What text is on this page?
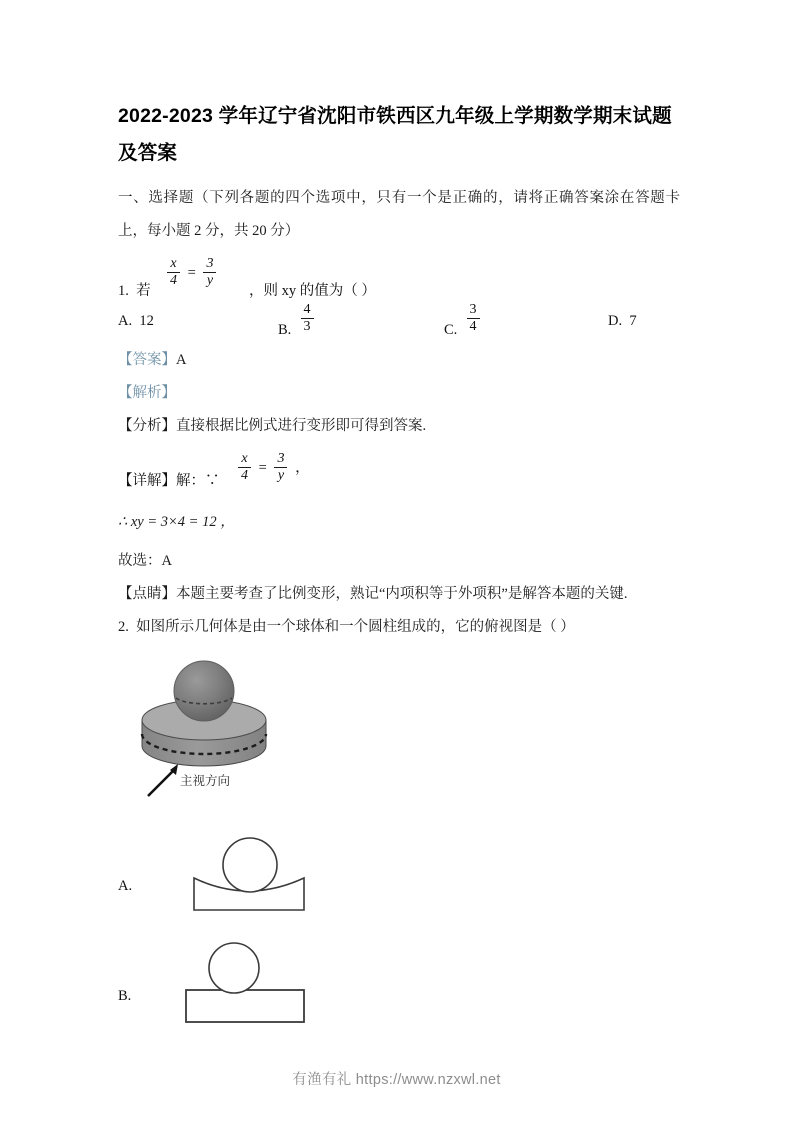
2022-2023 学年辽宁省沈阳市铁西区九年级上学期数学期末试题及答案

一、选择题（下列各题的四个选项中，只有一个是正确的，请将正确答案涂在答题卡上，每小题 2 分，共 20 分）

1. 若
$\frac{x}{4} = \frac{3}{y}$
，则 xy 的值为（ ）
A. 12
B. $\frac{4}{3}$	C. $\frac{3}{4}$	D. 7

【答案】A

【解析】

【分析】直接根据比例式进行变形即可得到答案.

【详解】解：∵ $\frac{x}{4} = \frac{3}{y}$ ，

∴ xy = 3×4 = 12 ，

故选：A

【点睛】本题主要考查了比例变形，熟记“内项积等于外项积”是解答本题的关键.

2. 如图所示几何体是由一个球体和一个圆柱组成的，它的俯视图是（ ）

主视方向
A.
B.
有渔有礼 https://www.nzxwl.net
